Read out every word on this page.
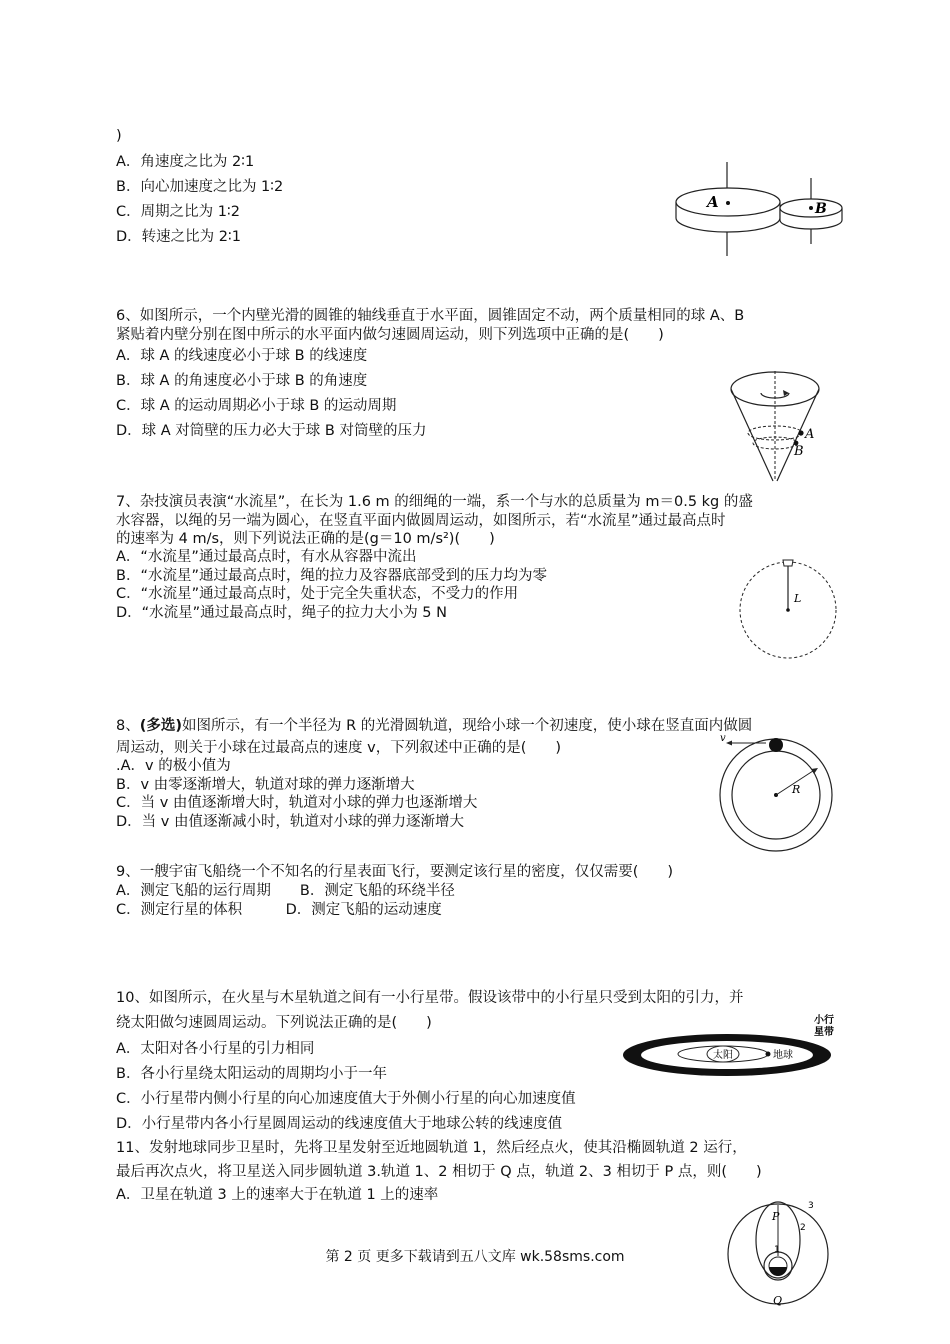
)
A．角速度之比为 2∶1
B．向心加速度之比为 1∶2
C．周期之比为 1∶2
D．转速之比为 2∶1
A	B
6、如图所示，一个内壁光滑的圆锥的轴线垂直于水平面，圆锥固定不动，两个质量相同的球 A、B
紧贴着内壁分别在图中所示的水平面内做匀速圆周运动，则下列选项中正确的是(　　)
A．球 A 的线速度必小于球 B 的线速度
B．球 A 的角速度必小于球 B 的角速度
C．球 A 的运动周期必小于球 B 的运动周期
D．球 A 对筒壁的压力必大于球 B 对筒壁的压力	A
B
7、杂技演员表演“水流星”，在长为 1.6 m 的细绳的一端，系一个与水的总质量为 m＝0.5 kg 的盛
水容器，以绳的另一端为圆心，在竖直平面内做圆周运动，如图所示，若“水流星”通过最高点时
的速率为 4 m/s，则下列说法正确的是(g＝10 m/s²)(　　)
A．“水流星”通过最高点时，有水从容器中流出
B．“水流星”通过最高点时，绳的拉力及容器底部受到的压力均为零
C．“水流星”通过最高点时，处于完全失重状态，不受力的作用
D．“水流星”通过最高点时，绳子的拉力大小为 5 N
L
8、(多选)如图所示，有一个半径为 R 的光滑圆轨道，现给小球一个初速度，使小球在竖直面内做圆
周运动，则关于小球在过最高点的速度 v，下列叙述中正确的是(　　)
.A．v 的极小值为
B．v 由零逐渐增大，轨道对球的弹力逐渐增大
C．当 v 由值逐渐增大时，轨道对小球的弹力也逐渐增大
D．当 v 由值逐渐减小时，轨道对小球的弹力逐渐增大
v
R
9、一艘宇宙飞船绕一个不知名的行星表面飞行，要测定该行星的密度，仅仅需要(　　)
A．测定飞船的运行周期　　B．测定飞船的环绕半径
C．测定行星的体积　　　D．测定飞船的运动速度
10、如图所示，在火星与木星轨道之间有一小行星带。假设该带中的小行星只受到太阳的引力，并
绕太阳做匀速圆周运动。下列说法正确的是(　　)
A．太阳对各小行星的引力相同
B．各小行星绕太阳运动的周期均小于一年
C．小行星带内侧小行星的向心加速度值大于外侧小行星的向心加速度值
D．小行星带内各小行星圆周运动的线速度值大于地球公转的线速度值
太阳	地球
小行
星带
11、发射地球同步卫星时，先将卫星发射至近地圆轨道 1，然后经点火，使其沿椭圆轨道 2 运行，
最后再次点火，将卫星送入同步圆轨道 3.轨道 1、2 相切于 Q 点，轨道 2、3 相切于 P 点，则(　　)
A．卫星在轨道 3 上的速率大于在轨道 1 上的速率
P
Q
1
2
3
第 2 页 更多下载请到五八文库 wk.58sms.com
